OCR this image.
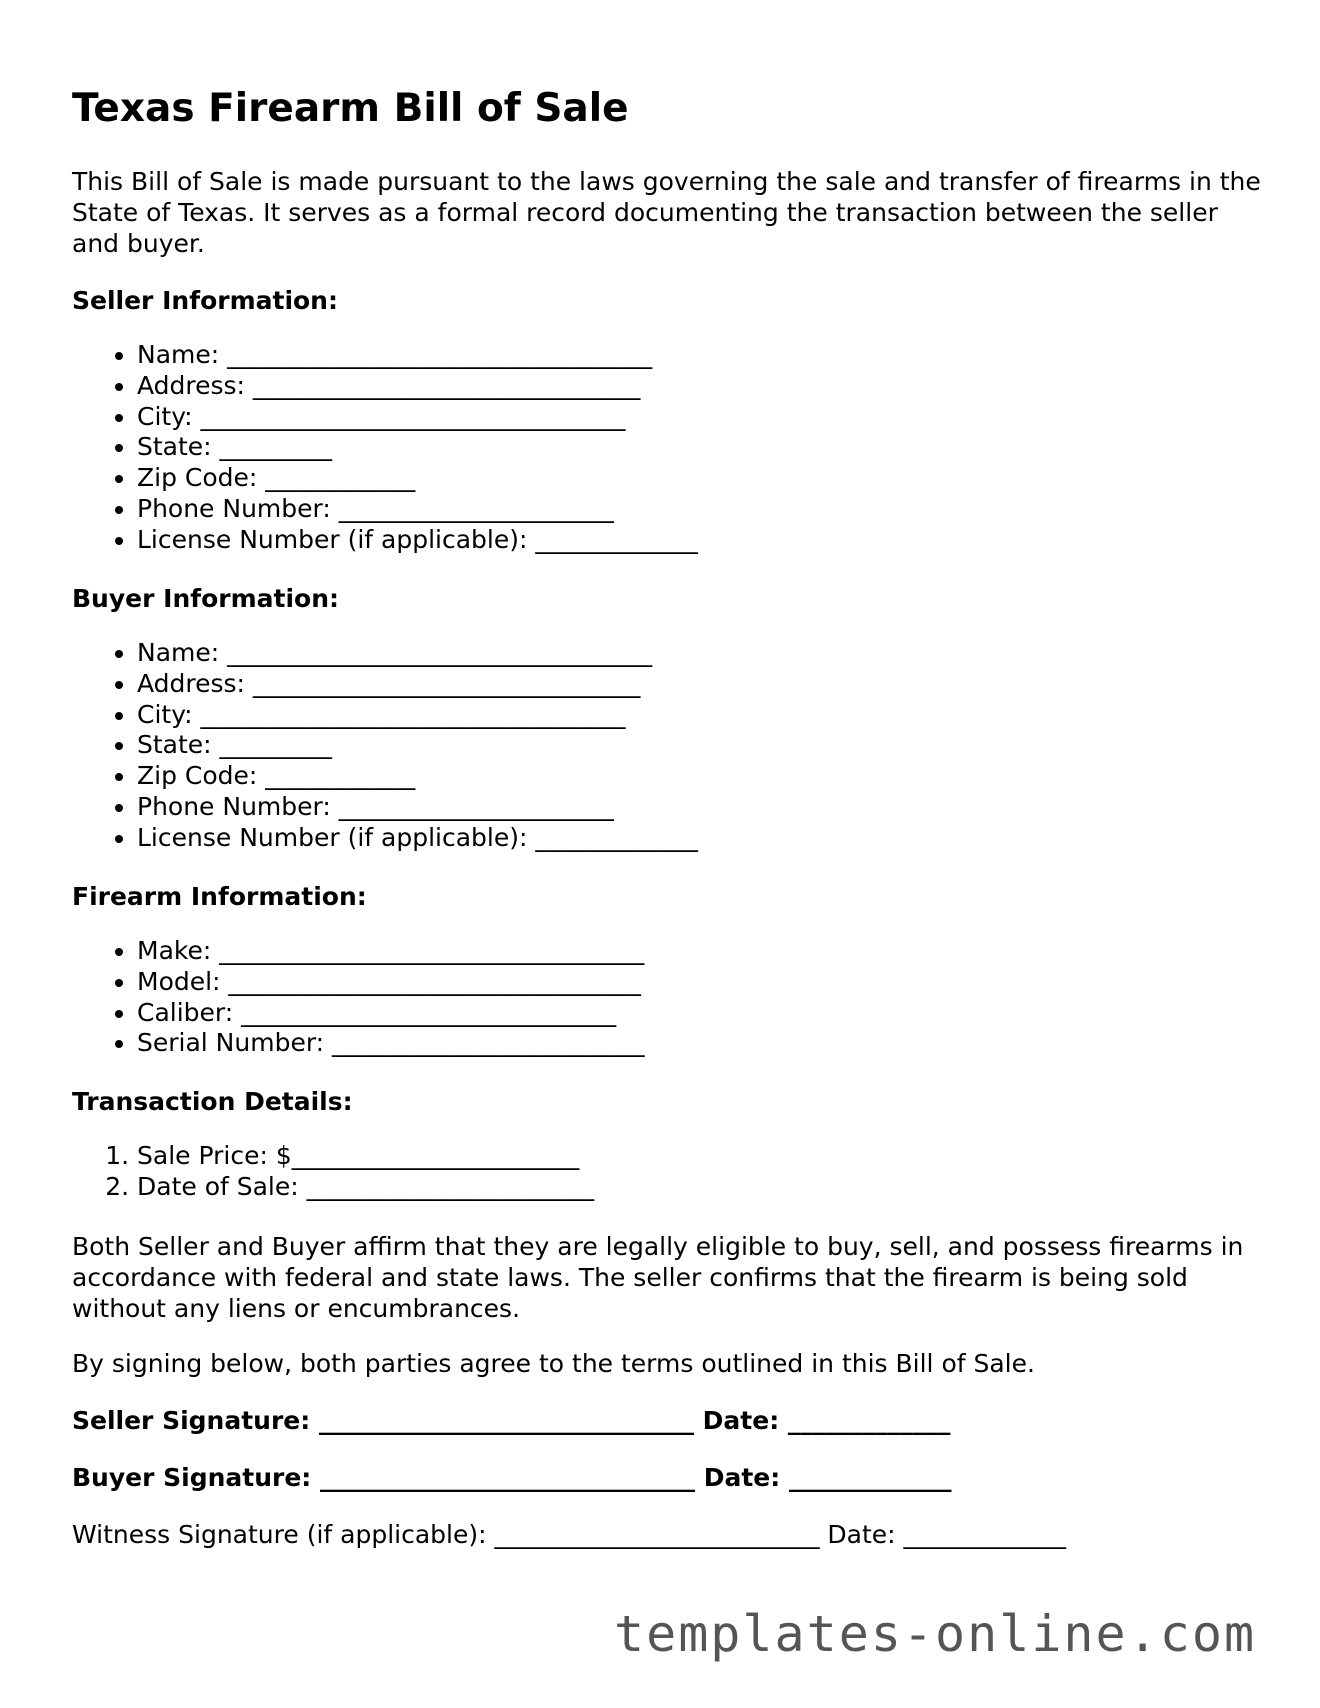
Texas Firearm Bill of Sale

This Bill of Sale is made pursuant to the laws governing the sale and transfer of firearms in the State of Texas. It serves as a formal record documenting the transaction between the seller and buyer.

Seller Information:

• Name: __________________________________
• Address: _______________________________
• City: __________________________________
• State: _________
• Zip Code: ____________
• Phone Number: ______________________
• License Number (if applicable): _____________

Buyer Information:

• Name: __________________________________
• Address: _______________________________
• City: __________________________________
• State: _________
• Zip Code: ____________
• Phone Number: ______________________
• License Number (if applicable): _____________

Firearm Information:

• Make: __________________________________
• Model: _________________________________
• Caliber: ______________________________
• Serial Number: _________________________

Transaction Details:

1. Sale Price: $_______________________
2. Date of Sale: _______________________

Both Seller and Buyer affirm that they are legally eligible to buy, sell, and possess firearms in accordance with federal and state laws. The seller confirms that the firearm is being sold without any liens or encumbrances.

By signing below, both parties agree to the terms outlined in this Bill of Sale.

Seller Signature: ______________________________ Date: _____________

Buyer Signature: ______________________________ Date: _____________

Witness Signature (if applicable): __________________________ Date: _____________

templates-online.com
